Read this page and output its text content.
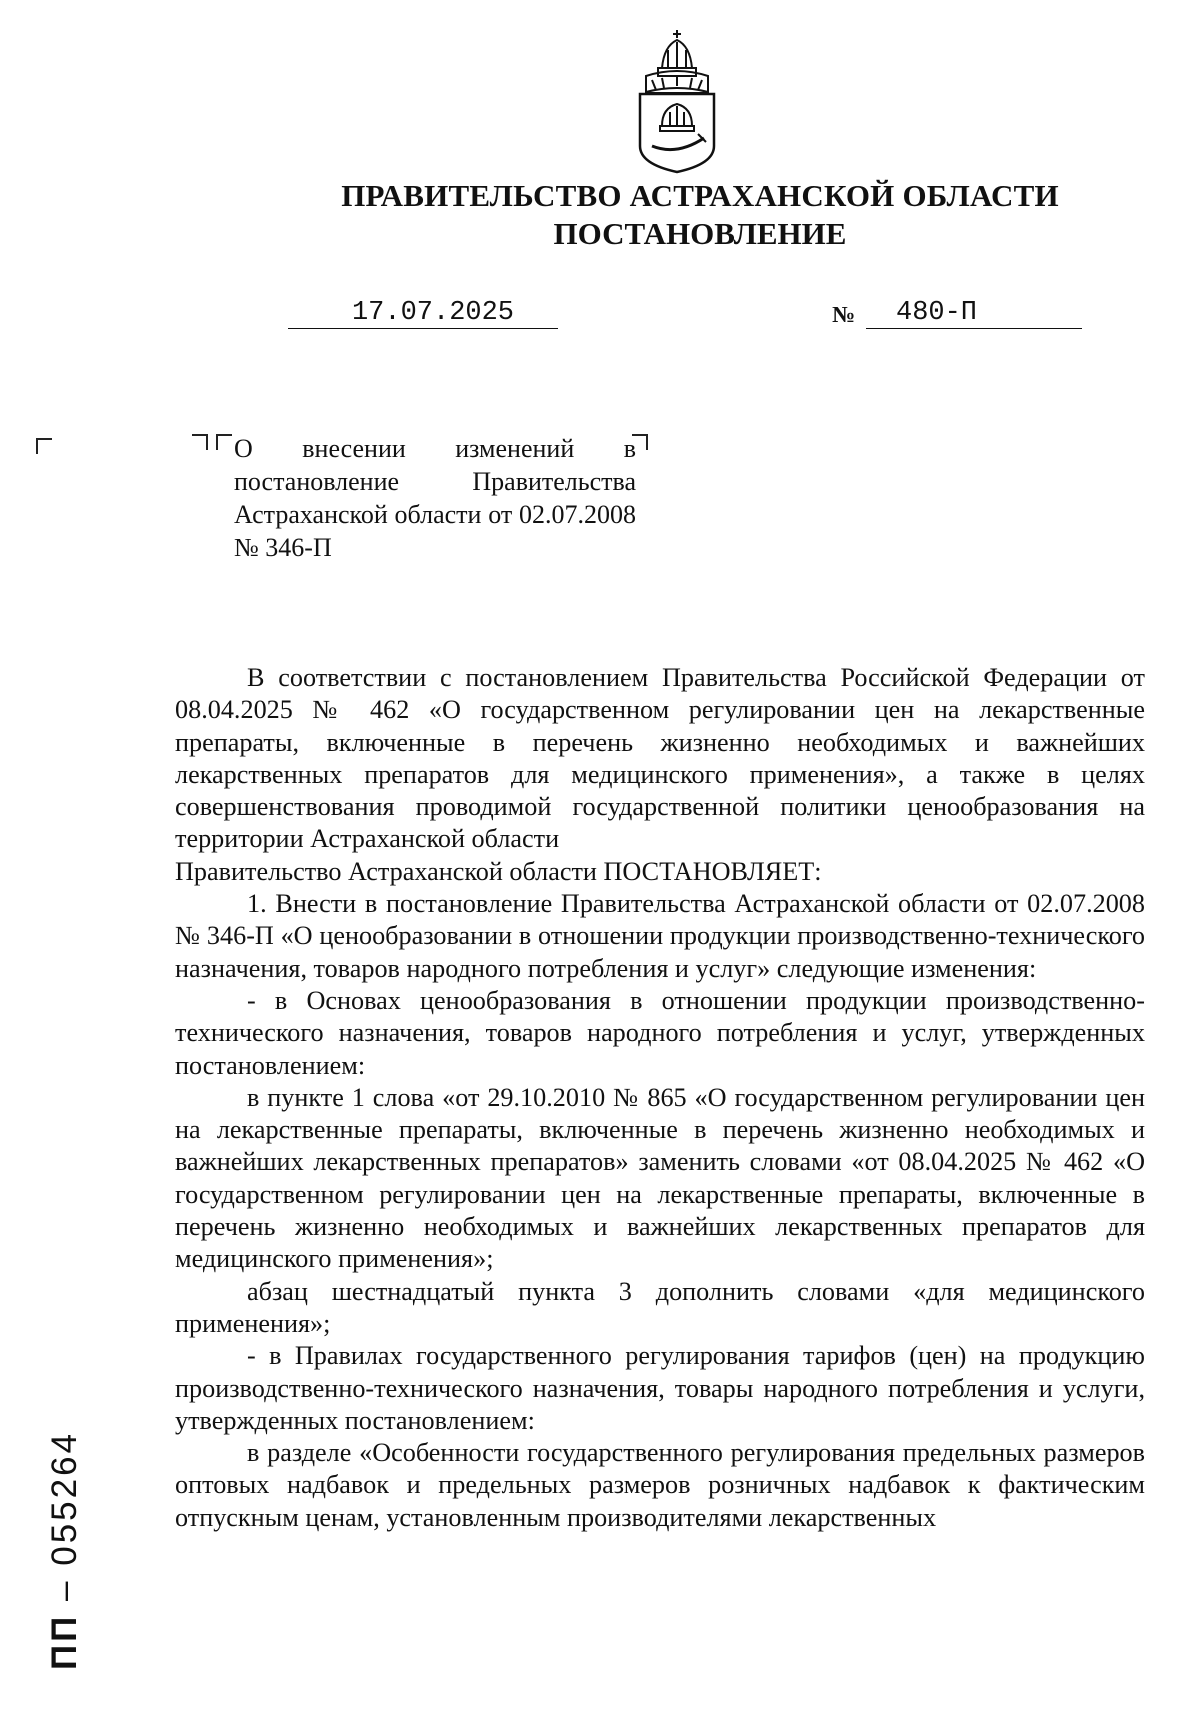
ПРАВИТЕЛЬСТВО АСТРАХАНСКОЙ ОБЛАСТИ
ПОСТАНОВЛЕНИЕ
17.07.2025	№	480-П
О внесении изменений в постановление Правительства Астраханской области от 02.07.2008 № 346-П

В соответствии с постановлением Правительства Российской Федерации от 08.04.2025 № 462 «О государственном регулировании цен на лекарственные препараты, включенные в перечень жизненно необходимых и важнейших лекарственных препаратов для медицинского применения», а также в целях совершенствования проводимой государственной политики ценообразования на территории Астраханской области

Правительство Астраханской области ПОСТАНОВЛЯЕТ:

1. Внести в постановление Правительства Астраханской области от 02.07.2008 № 346-П «О ценообразовании в отношении продукции производственно-технического назначения, товаров народного потребления и услуг» следующие изменения:

- в Основах ценообразования в отношении продукции производственно-технического назначения, товаров народного потребления и услуг, утвержденных постановлением:

в пункте 1 слова «от 29.10.2010 № 865 «О государственном регулировании цен на лекарственные препараты, включенные в перечень жизненно необходимых и важнейших лекарственных препаратов» заменить словами «от 08.04.2025 № 462 «О государственном регулировании цен на лекарственные препараты, включенные в перечень жизненно необходимых и важнейших лекарственных препаратов для медицинского применения»;

абзац шестнадцатый пункта 3 дополнить словами «для медицинского применения»;

- в Правилах государственного регулирования тарифов (цен) на продукцию производственно-технического назначения, товары народного потребления и услуги, утвержденных постановлением:

в разделе «Особенности государственного регулирования предельных размеров оптовых надбавок и предельных размеров розничных надбавок к фактическим отпускным ценам, установленным производителями лекарственных

ПП – 055264
